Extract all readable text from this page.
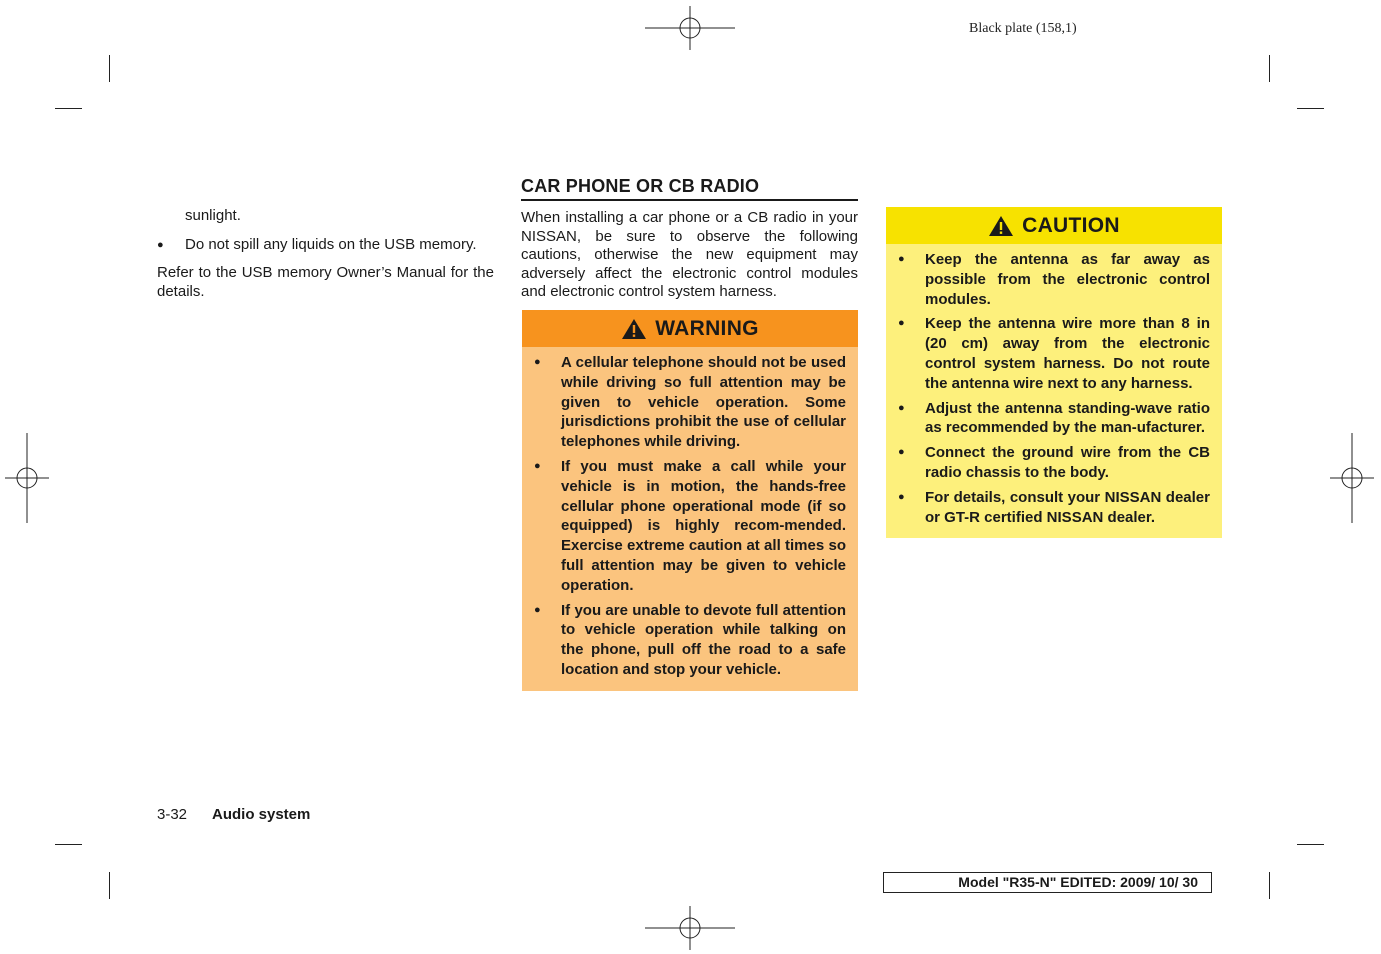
Black plate (158,1)

sunlight.

●	Do not spill any liquids on the USB memory.

Refer to the USB memory Owner’s Manual for the details.

CAR PHONE OR CB RADIO

When installing a car phone or a CB radio in your NISSAN, be sure to observe the following cautions, otherwise the new equipment may adversely affect the electronic control modules and electronic control system harness.

WARNING
●	A cellular telephone should not be used while driving so full attention may be given to vehicle operation. Some jurisdictions prohibit the use of cellular telephones while driving.
●	If you must make a call while your vehicle is in motion, the hands-free cellular phone operational mode (if so equipped) is highly recom-mended. Exercise extreme caution at all times so full attention may be given to vehicle operation.
●	If you are unable to devote full attention to vehicle operation while talking on the phone, pull off the road to a safe location and stop your vehicle.
CAUTION
●	Keep the antenna as far away as possible from the electronic control modules.
●	Keep the antenna wire more than 8 in (20 cm) away from the electronic control system harness. Do not route the antenna wire next to any harness.
●	Adjust the antenna standing-wave ratio as recommended by the man-ufacturer.
●	Connect the ground wire from the CB radio chassis to the body.
●	For details, consult your NISSAN dealer or GT-R certified NISSAN dealer.
3-32 Audio system
Model "R35-N" EDITED: 2009/ 10/ 30
